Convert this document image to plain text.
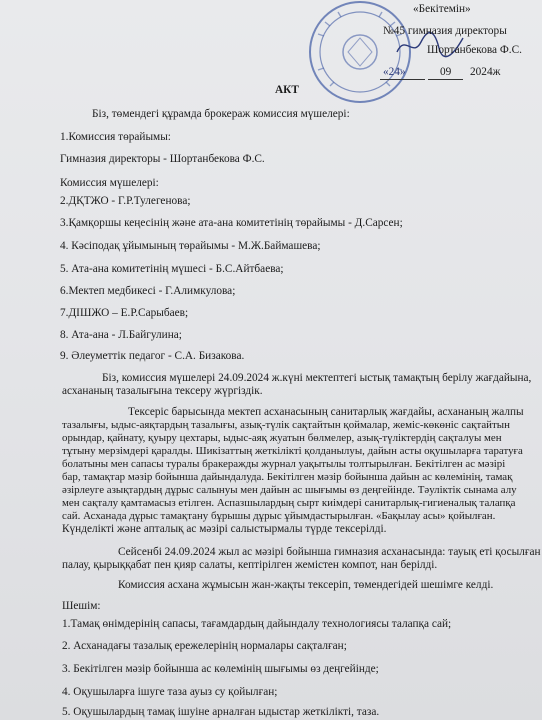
«Бекітемін»
№45 гимназия директоры
Шортанбекова Ф.С.
«24»	09 2024ж
АКТ
Біз, төмендегі құрамда брокераж комиссия мүшелері:
1.Комиссия төрайымы:
Гимназия директоры - Шортанбекова Ф.С.
Комиссия мүшелері:
2.ДҚТЖО - Г.Р.Тулегенова;
3.Қамқоршы кеңесінің және ата-ана комитетінің төрайымы - Д.Сарсен;
4. Кәсіподақ ұйымының төрайымы - М.Ж.Баймашева;
5. Ата-ана комитетінің мүшесі - Б.С.Айтбаева;
6.Мектеп медбикесі - Г.Алимкулова;
7.ДІШЖО – Е.Р.Сарыбаев;
8. Ата-ана - Л.Байгулина;
9. Әлеуметтік педагог - С.А. Бизакова.
Біз, комиссия мүшелері 24.09.2024 ж.күні мектептегі ыстық тамақтың берілу жағдайына,
асхананың тазалығына тексеру жүргіздік.
Тексеріс барысында мектеп асханасының санитарлық жағдайы, асхананың жалпы
тазалығы, ыдыс-аяқтардың тазалығы, азық-түлік сақтайтын қоймалар, жеміс-көкөніс сақтайтын
орындар, қайнату, қуыру цехтары, ыдыс-аяқ жуатын бөлмелер, азық-түліктердің сақталуы мен
тұтыну мерзімдері қаралды. Шикізаттың жеткілікті қолданылуы, дайын асты оқушыларға таратуға
болатыны мен сапасы туралы бракеражды журнал уақытылы толтырылған. Бекітілген ас мәзірі
бар, тамақтар мәзір бойынша дайындалуда. Бекітілген мәзір бойынша дайын ас көлемінің, тамақ
әзірлеуге азықтардың дұрыс салынуы мен дайын ас шығымы өз деңгейінде. Тәуліктік сынама алу
мен сақталу қамтамасыз етілген. Аспазшылардың сырт киімдері санитарлық-гигиеналық талапқа
сай. Асханада дұрыс тамақтану бұрышы дұрыс ұйымдастырылған. «Бақылау асы» қойылған.
Күнделікті және апталық ас мәзірі салыстырмалы түрде тексерілді.
Сейсенбі 24.09.2024 жыл ас мәзірі бойынша гимназия асханасында: тауық еті қосылған
палау, қырыққабат пен қияр салаты, кептірілген жемістен компот, нан берілді.
Комиссия асхана жұмысын жан-жақты тексеріп, төмендегідей шешімге келді.
Шешім:
1.Тамақ өнімдерінің сапасы, тағамдардың дайындалу технологиясы талапқа сай;
2. Асханадағы тазалық ережелерінің нормалары сақталған;
3. Бекітілген мәзір бойынша ас көлемінің шығымы өз деңгейінде;
4. Оқушыларға ішуге таза ауыз су қойылған;
5. Оқушылардың тамақ ішуіне арналған ыдыстар жеткілікті, таза.
